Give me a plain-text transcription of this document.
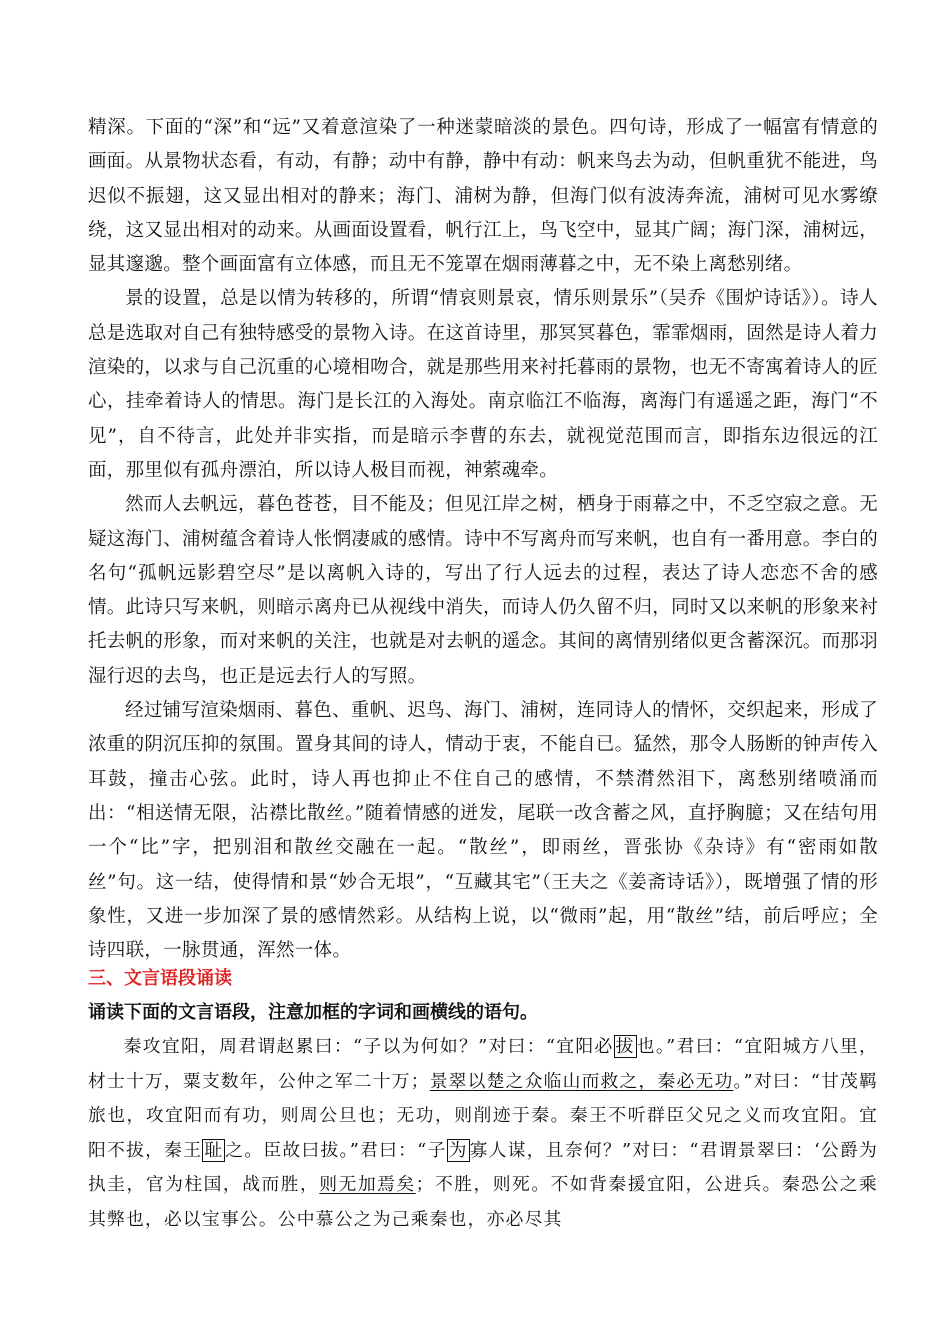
精深。下面的“深”和“远”又着意渲染了一种迷蒙暗淡的景色。四句诗，形成了一幅富有情意的画面。从景物状态看，有动，有静；动中有静，静中有动：帆来鸟去为动，但帆重犹不能进，鸟迟似不振翅，这又显出相对的静来；海门、浦树为静，但海门似有波涛奔流，浦树可见水雾缭绕，这又显出相对的动来。从画面设置看，帆行江上，鸟飞空中，显其广阔；海门深，浦树远，显其邃邈。整个画面富有立体感，而且无不笼罩在烟雨薄暮之中，无不染上离愁别绪。

景的设置，总是以情为转移的，所谓“情哀则景哀，情乐则景乐”（吴乔《围炉诗话》）。诗人总是选取对自己有独特感受的景物入诗。在这首诗里，那冥冥暮色，霏霏烟雨，固然是诗人着力渲染的，以求与自己沉重的心境相吻合，就是那些用来衬托暮雨的景物，也无不寄寓着诗人的匠心，挂牵着诗人的情思。海门是长江的入海处。南京临江不临海，离海门有遥遥之距，海门“不见”，自不待言，此处并非实指，而是暗示李曹的东去，就视觉范围而言，即指东边很远的江面，那里似有孤舟漂泊，所以诗人极目而视，神萦魂牵。

然而人去帆远，暮色苍苍，目不能及；但见江岸之树，栖身于雨幕之中，不乏空寂之意。无疑这海门、浦树蕴含着诗人怅惘凄戚的感情。诗中不写离舟而写来帆，也自有一番用意。李白的名句“孤帆远影碧空尽”是以离帆入诗的，写出了行人远去的过程，表达了诗人恋恋不舍的感情。此诗只写来帆，则暗示离舟已从视线中消失，而诗人仍久留不归，同时又以来帆的形象来衬托去帆的形象，而对来帆的关注，也就是对去帆的遥念。其间的离情别绪似更含蓄深沉。而那羽湿行迟的去鸟，也正是远去行人的写照。

经过铺写渲染烟雨、暮色、重帆、迟鸟、海门、浦树，连同诗人的情怀，交织起来，形成了浓重的阴沉压抑的氛围。置身其间的诗人，情动于衷，不能自已。猛然，那令人肠断的钟声传入耳鼓，撞击心弦。此时，诗人再也抑止不住自己的感情，不禁潸然泪下，离愁别绪喷涌而出：“相送情无限，沾襟比散丝。”随着情感的迸发，尾联一改含蓄之风，直抒胸臆；又在结句用一个“比”字，把别泪和散丝交融在一起。“散丝”，即雨丝，晋张协《杂诗》有“密雨如散丝”句。这一结，使得情和景“妙合无垠”，“互藏其宅”（王夫之《姜斋诗话》），既增强了情的形象性，又进一步加深了景的感情然彩。从结构上说，以“微雨”起，用“散丝”结，前后呼应；全诗四联，一脉贯通，浑然一体。

三、文言语段诵读

诵读下面的文言语段，注意加框的字词和画横线的语句。

秦攻宜阳，周君谓赵累曰：“子以为何如？”对曰：“宜阳必 拔 也。”君曰：“宜阳城方八里，材士十万，粟支数年，公仲之军二十万；景翠以楚之众临山而救之，秦必无功。”对曰：“甘茂羁旅也，攻宜阳而有功，则周公旦也；无功，则削迹于秦。秦王不听群臣父兄之义而攻宜阳。宜阳不拔，秦王 耻 之。臣故曰拔。”君曰：“子 为 寡人谋，且奈何？”对曰：“君谓景翠曰：‘公爵为执圭，官为柱国，战而胜，则无加焉矣；不胜，则死。不如背秦援宜阳，公进兵。秦恐公之乘其弊也，必以宝事公。公中慕公之为己乘秦也，亦必尽其
